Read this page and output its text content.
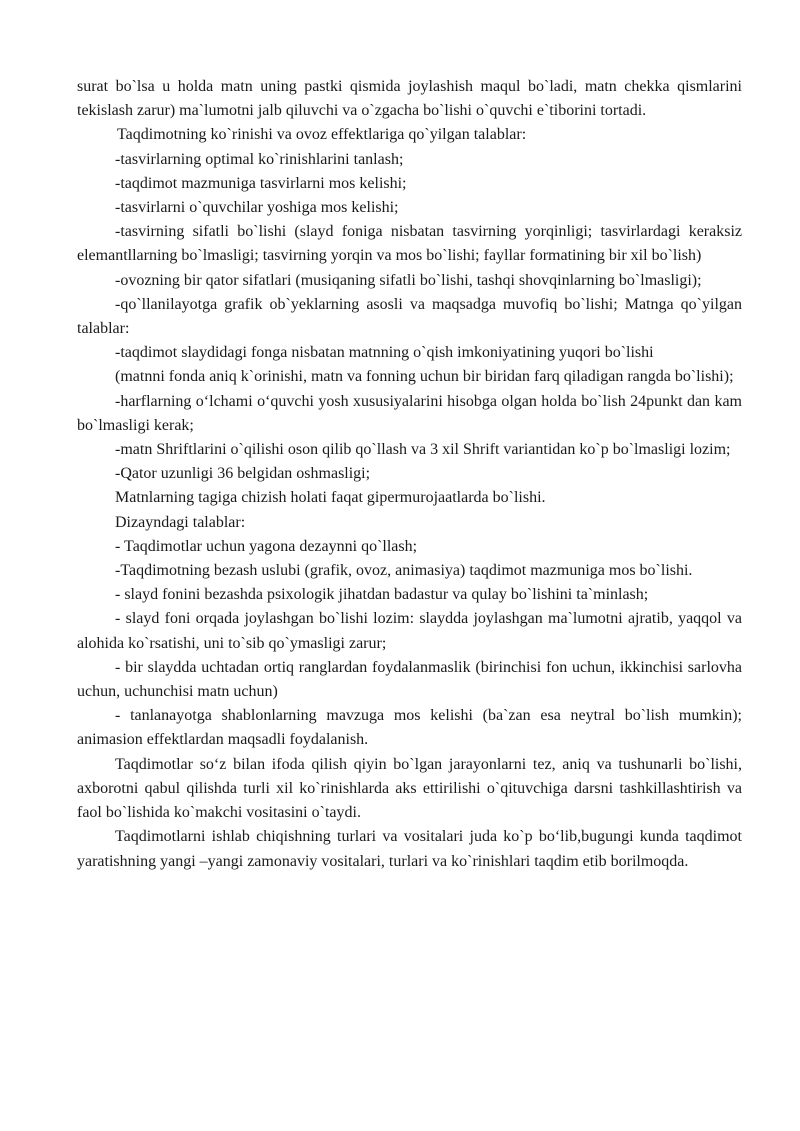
surat bo`lsa u holda matn uning pastki qismida joylashish maqul bo`ladi, matn chekka qismlarini tekislash zarur) ma`lumotni jalb qiluvchi va o`zgacha bo`lishi o`quvchi e`tiborini tortadi.

Taqdimotning ko`rinishi va ovoz effektlariga qo`yilgan talablar:

-tasvirlarning optimal ko`rinishlarini tanlash;

-taqdimot mazmuniga tasvirlarni mos kelishi;

-tasvirlarni o`quvchilar yoshiga mos kelishi;

-tasvirning sifatli bo`lishi (slayd foniga nisbatan tasvirning yorqinligi; tasvirlardagi keraksiz elemantllarning bo`lmasligi; tasvirning yorqin va mos bo`lishi; fayllar formatining bir xil bo`lish)

-ovozning bir qator sifatlari (musiqaning sifatli bo`lishi, tashqi shovqinlarning bo`lmasligi);

-qo`llanilayotga grafik ob`yeklarning asosli va maqsadga muvofiq bo`lishi; Matnga qo`yilgan talablar:

-taqdimot slaydidagi fonga nisbatan matnning o`qish imkoniyatining yuqori bo`lishi

(matnni fonda aniq k`orinishi, matn va fonning uchun bir biridan farq qiladigan rangda bo`lishi);

-harflarning o‘lchami o‘quvchi yosh xususiyalarini hisobga olgan holda bo`lish 24punkt dan kam bo`lmasligi kerak;

-matn Shriftlarini o`qilishi oson qilib qo`llash va 3 xil Shrift variantidan ko`p bo`lmasligi lozim;

-Qator uzunligi 36 belgidan oshmasligi;

Matnlarning tagiga chizish holati faqat gipermurojaatlarda bo`lishi.

Dizayndagi talablar:

- Taqdimotlar uchun yagona dezaynni qo`llash;

-Taqdimotning bezash uslubi (grafik, ovoz, animasiya) taqdimot mazmuniga mos bo`lishi.

- slayd fonini bezashda psixologik jihatdan badastur va qulay bo`lishini ta`minlash;

- slayd foni orqada joylashgan bo`lishi lozim: slaydda joylashgan ma`lumotni ajratib, yaqqol va alohida ko`rsatishi, uni to`sib qo`ymasligi zarur;

- bir slaydda uchtadan ortiq ranglardan foydalanmaslik (birinchisi fon uchun, ikkinchisi sarlovha uchun, uchunchisi matn uchun)

- tanlanayotga shablonlarning mavzuga mos kelishi (ba`zan esa neytral bo`lish mumkin); animasion effektlardan maqsadli foydalanish.

Taqdimotlar so‘z bilan ifoda qilish qiyin bo`lgan jarayonlarni tez, aniq va tushunarli bo`lishi, axborotni qabul qilishda turli xil ko`rinishlarda aks ettirilishi o`qituvchiga darsni tashkillashtirish va faol bo`lishida ko`makchi vositasini o`taydi.

Taqdimotlarni ishlab chiqishning turlari va vositalari juda ko`p bo‘lib,bugungi kunda taqdimot yaratishning yangi –yangi zamonaviy vositalari, turlari va ko`rinishlari taqdim etib borilmoqda.
